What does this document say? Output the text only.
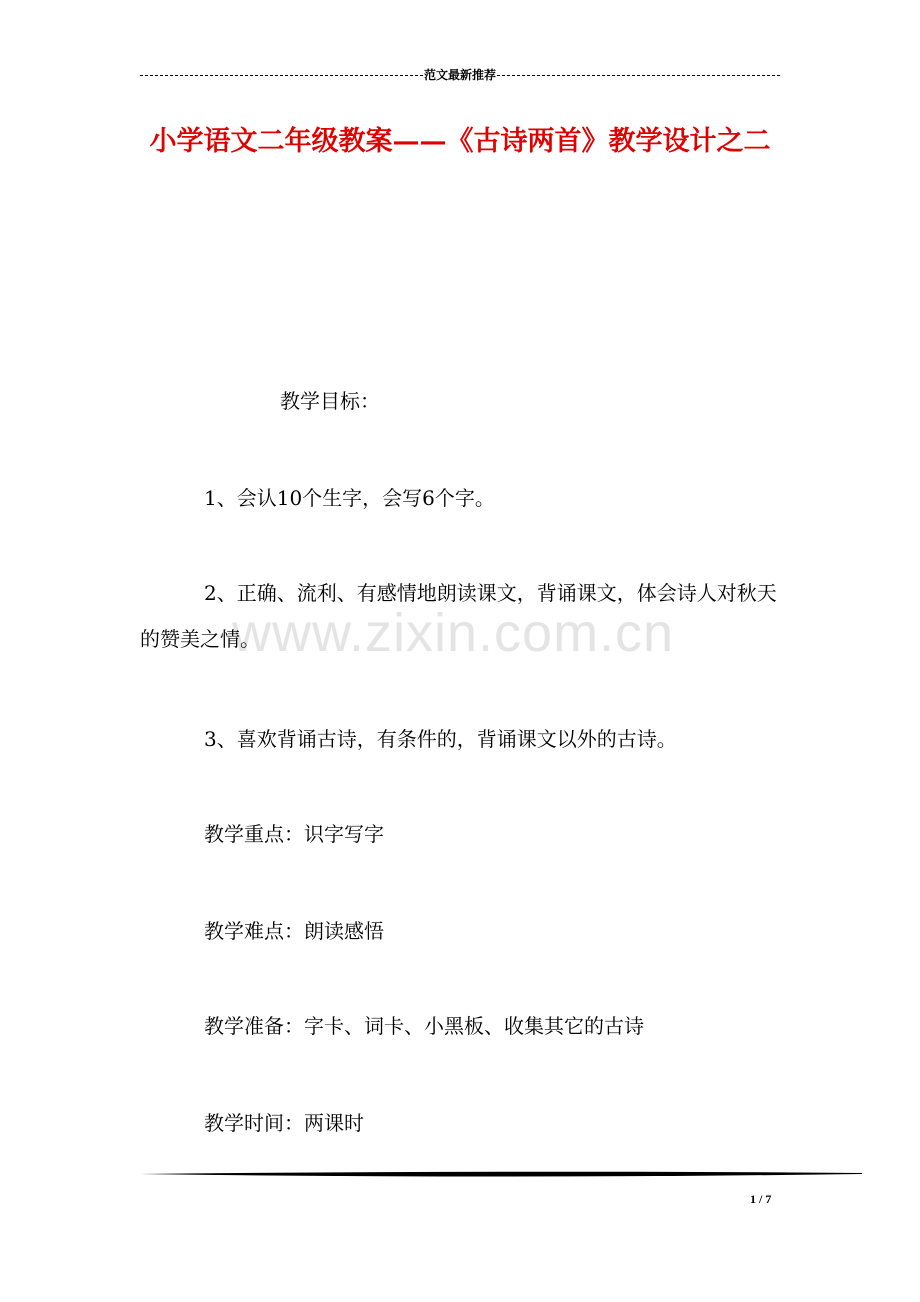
范文最新推荐
小学语文二年级教案——《古诗两首》教学设计之二
www.zixin.com.cn
教学目标：
1、会认10个生字，会写6个字。
2、正确、流利、有感情地朗读课文，背诵课文，体会诗人对秋天的赞美之情。
3、喜欢背诵古诗，有条件的，背诵课文以外的古诗。
教学重点：识字写字
教学难点：朗读感悟
教学准备：字卡、词卡、小黑板、收集其它的古诗
教学时间：两课时
1 / 7
